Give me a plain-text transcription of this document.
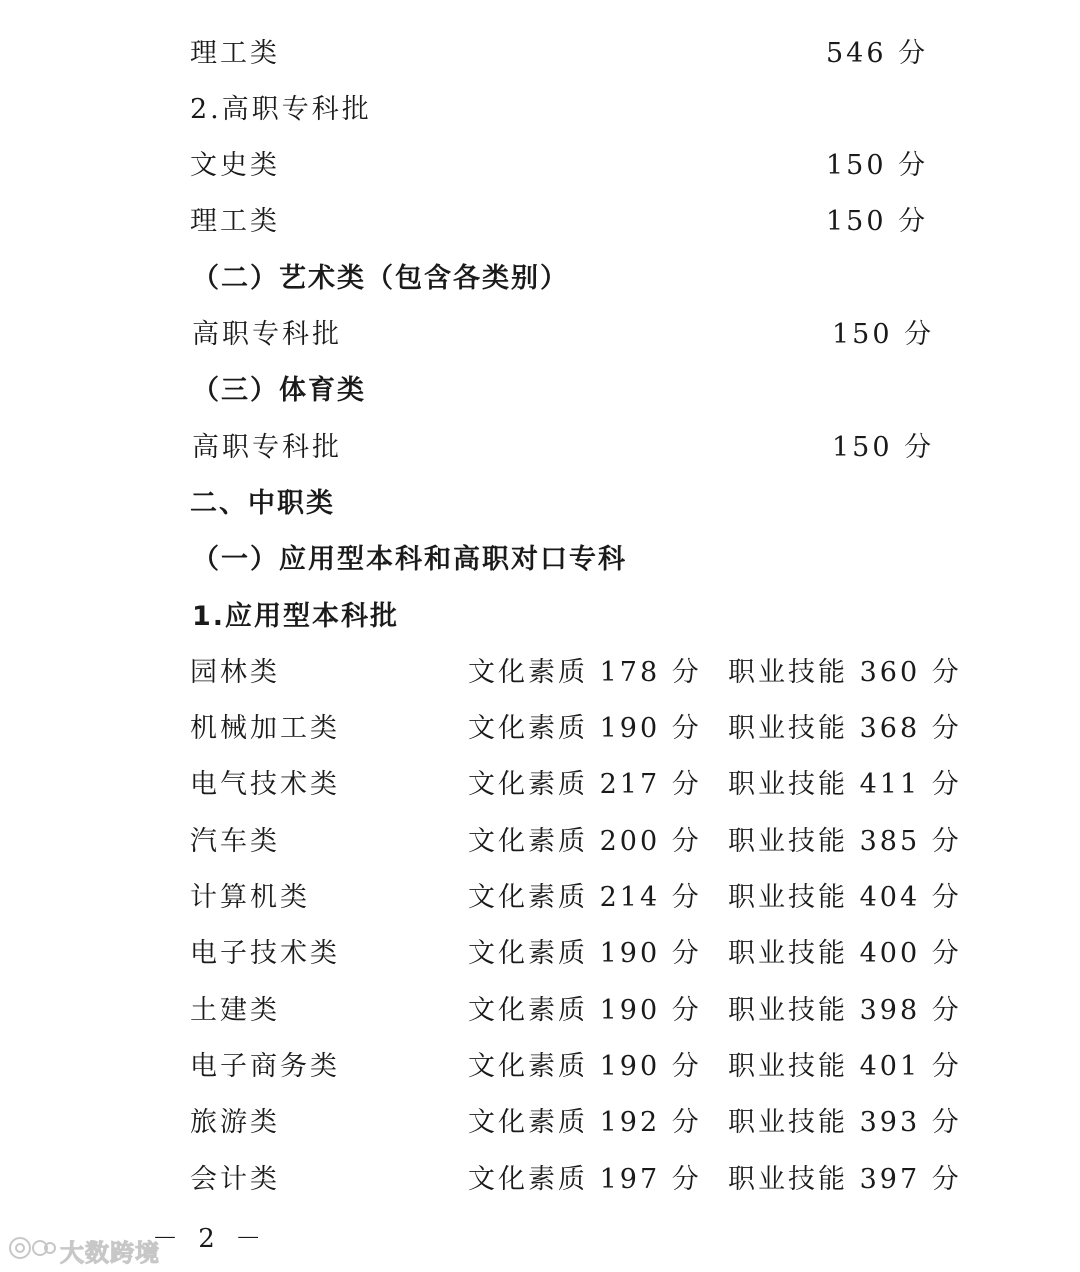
理工类	546 分
2.高职专科批
文史类	150 分
理工类	150 分
（二）艺术类（包含各类别）
高职专科批	150 分
（三）体育类
高职专科批	150 分
二、中职类
（一）应用型本科和高职对口专科
1.应用型本科批
园林类	文化素质 178 分 职业技能 360 分
机械加工类	文化素质 190 分 职业技能 368 分
电气技术类	文化素质 217 分 职业技能 411 分
汽车类	文化素质 200 分 职业技能 385 分
计算机类	文化素质 214 分 职业技能 404 分
电子技术类	文化素质 190 分 职业技能 400 分
土建类	文化素质 190 分 职业技能 398 分
电子商务类	文化素质 190 分 职业技能 401 分
旅游类	文化素质 192 分 职业技能 393 分
会计类	文化素质 197 分 职业技能 397 分
－ 2 －
大数跨境
